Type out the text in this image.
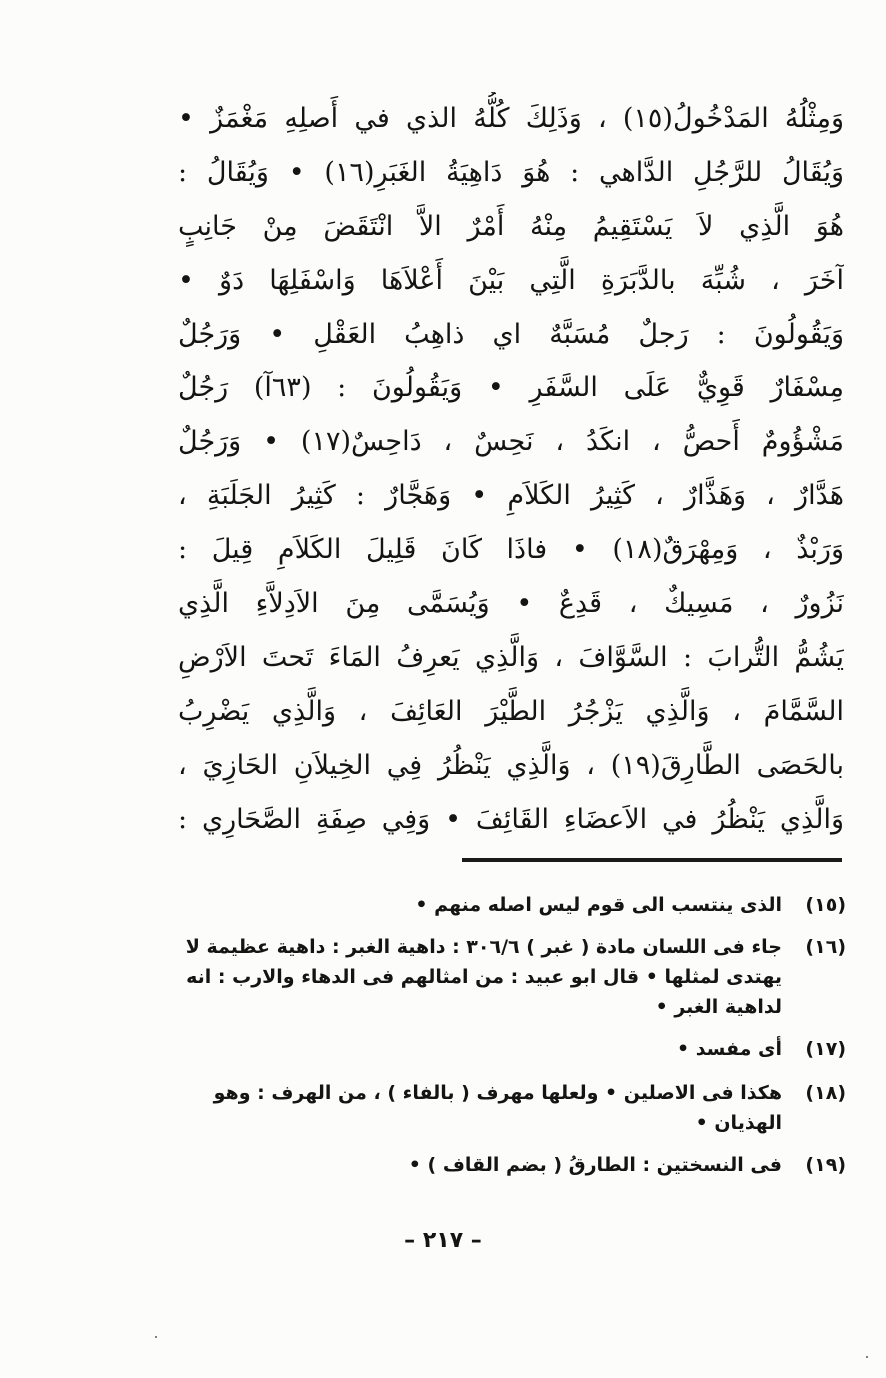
وَمِثْلُهُ المَدْخُولُ(١٥) ، وَذَلِكَ كُلُّهُ الذي في أَصلِهِ مَغْمَزٌ •
وَيُقَالُ للرَّجُلِ الدَّاهي : هُوَ دَاهِيَةُ الغَبَرِ(١٦) • وَيُقَالُ :
هُوَ الَّذِي لاَ يَسْتَقِيمُ مِنْهُ أَمْرٌ الاَّ انْتَقَضَ مِنْ جَانِبٍ
آخَرَ ، شُبِّهَ بالدَّبَرَةِ الَّتِي بَيْنَ أَعْلاَهَا وَاسْفَلِهَا دَوٌ •
وَيَقُولُونَ : رَجلٌ مُسَبَّهٌ اي ذاهِبُ العَقْلِ • وَرَجُلٌ
مِسْفَارٌ قَوِيٌّ عَلَى السَّفَرِ • وَيَقُولُونَ : (٦٣آ) رَجُلٌ
مَشْؤُومٌ أَحصُّ ، انكَدُ ، نَحِسٌ ، دَاحِسٌ(١٧) • وَرَجُلٌ
هَدَّارٌ ، وَهَذَّارٌ ، كَثِيرُ الكَلاَمِ • وَهَجَّارٌ : كَثِيرُ الجَلَبَةِ ،
وَرَبْذٌ ، وَمِهْرَقٌ(١٨) • فاذَا كَانَ قَلِيلَ الكَلاَمِ قِيلَ :
نَزُورٌ ، مَسِيكٌ ، قَدِعٌ • وَيُسَمَّى مِنَ الاَدِلاَّءِ الَّذِي
يَشُمُّ التُّرابَ : السَّوَّافَ ، وَالَّذِي يَعرِفُ المَاءَ تَحتَ الاَرْضِ
السَّمَّامَ ، وَالَّذِي يَزْجُرُ الطَّيْرَ العَائِفَ ، وَالَّذِي يَضْرِبُ
بالحَصَى الطَّارِقَ(١٩) ، وَالَّذِي يَنْظُرُ فِي الخِيلاَنِ الحَازِيَ ،
وَالَّذِي يَنْظُرُ في الاَعضَاءِ القَائِفَ • وَفِي صِفَةِ الصَّحَارِي :
(١٥)
الذى ينتسب الى قوم ليس اصله منهم •
(١٦)
جاء فى اللسان مادة ( غبر ) ٣٠٦/٦ : داهية الغبر : داهية عظيمة لا يهتدى لمثلها • قال ابو عبيد : من امثالهم فى الدهاء والارب : انه لداهية الغبر •
(١٧)
أى مفسد •
(١٨)
هكذا فى الاصلين • ولعلها مهرف ( بالفاء ) ، من الهرف : وهو الهذيان •
(١٩)
فى النسختين : الطارقُ ( بضم القاف ) •
– ٢١٧ –
